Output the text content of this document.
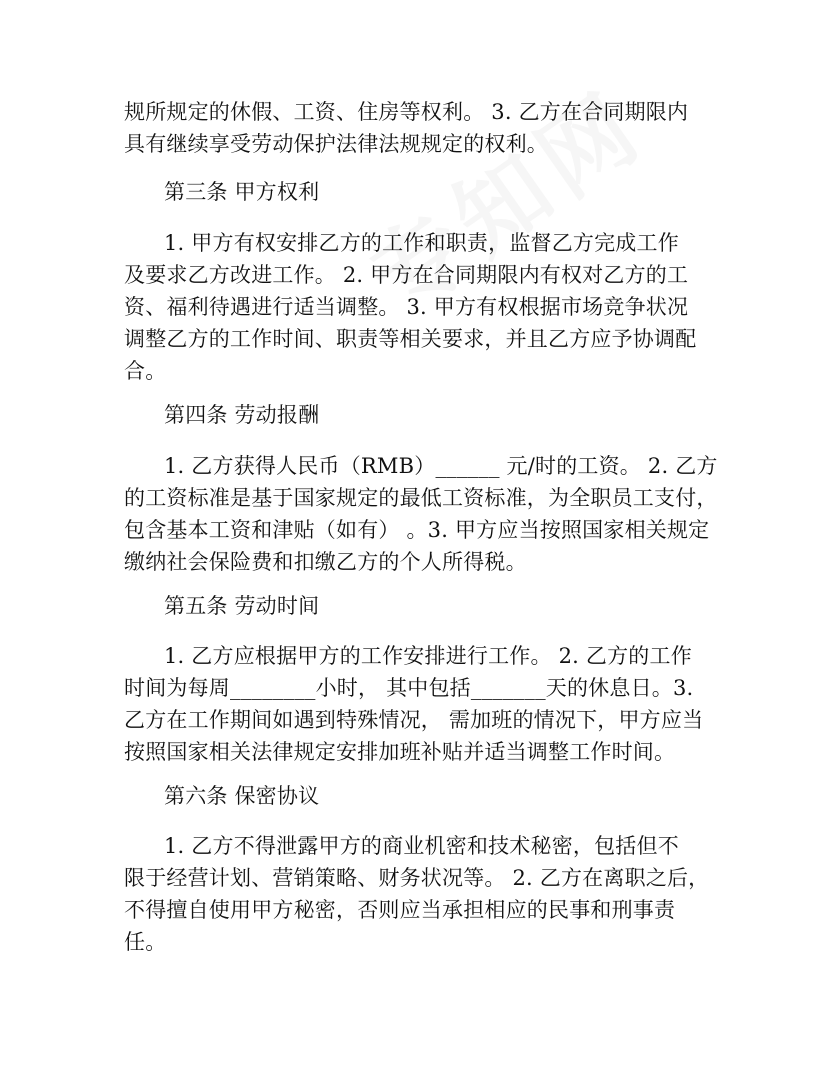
规所规定的休假、工资、住房等权利。 3. 乙方在合同期限内
具有继续享受劳动保护法律法规规定的权利。
第三条 甲方权利
1. 甲方有权安排乙方的工作和职责，监督乙方完成工作
及要求乙方改进工作。 2. 甲方在合同期限内有权对乙方的工
资、福利待遇进行适当调整。 3. 甲方有权根据市场竞争状况
调整乙方的工作时间、职责等相关要求，并且乙方应予协调配
合。
第四条 劳动报酬
1. 乙方获得人民币（RMB）______ 元/时的工资。 2. 乙方
的工资标准是基于国家规定的最低工资标准，为全职员工支付，
包含基本工资和津贴（如有） 。3. 甲方应当按照国家相关规定
缴纳社会保险费和扣缴乙方的个人所得税。
第五条 劳动时间
1. 乙方应根据甲方的工作安排进行工作。 2. 乙方的工作
时间为每周________小时， 其中包括_______天的休息日。3.
乙方在工作期间如遇到特殊情况， 需加班的情况下，甲方应当
按照国家相关法律规定安排加班补贴并适当调整工作时间。
第六条 保密协议
1. 乙方不得泄露甲方的商业机密和技术秘密，包括但不
限于经营计划、营销策略、财务状况等。 2. 乙方在离职之后，
不得擅自使用甲方秘密，否则应当承担相应的民事和刑事责
任。
